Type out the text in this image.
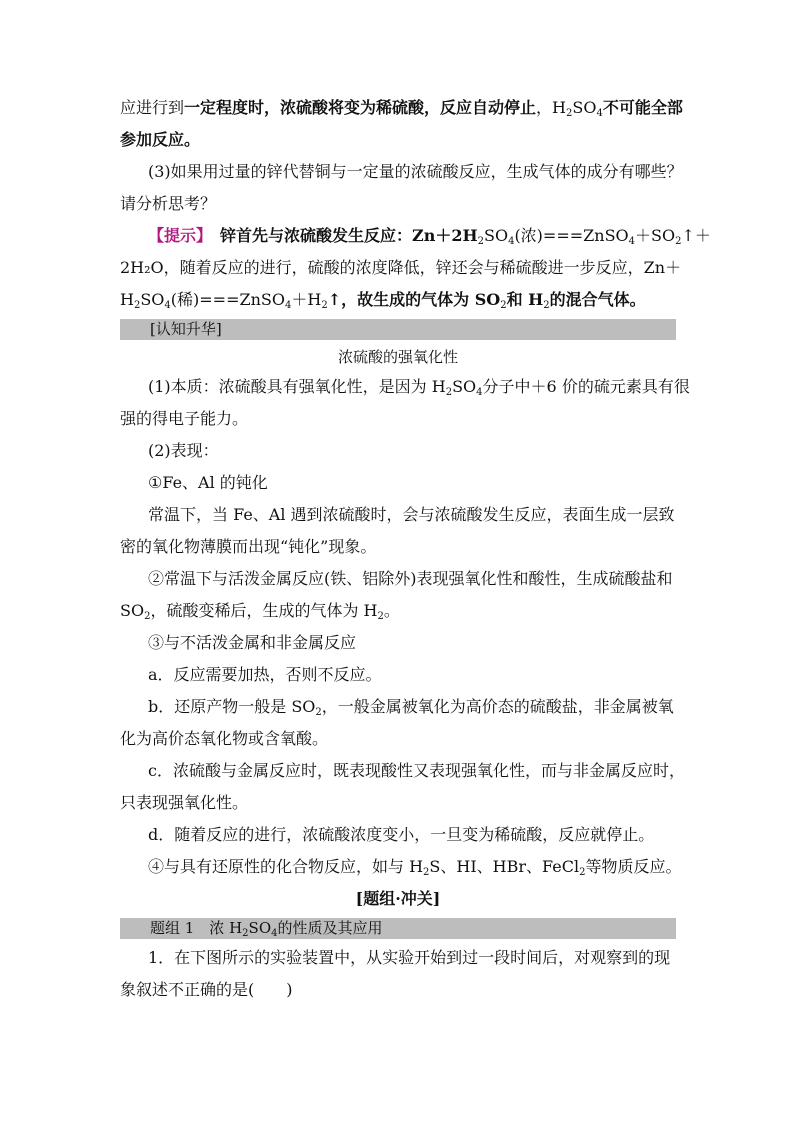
应进行到一定程度时，浓硫酸将变为稀硫酸，反应自动停止，$H_2SO_4$不可能全部
参加反应。
(3)如果用过量的锌代替铜与一定量的浓硫酸反应，生成气体的成分有哪些？
请分析思考？
【提示】　 锌首先与浓硫酸发生反应：$Zn+2H_2SO_4$(浓)$===ZnSO_4+SO_2↑+$
2H₂O，随着反应的进行，硫酸的浓度降低，锌还会与稀硫酸进一步反应，Zn＋
$H_2SO_4$(稀)$===ZnSO_4+H_2↑$，故生成的气体为 $SO_2$和 $H_2$的混合气体。
[认知升华]
浓硫酸的强氧化性
(1)本质：浓硫酸具有强氧化性，是因为 $H_2SO_4$分子中＋6 价的硫元素具有很
强的得电子能力。
(2)表现：
①Fe、Al 的钝化
常温下，当 Fe、Al 遇到浓硫酸时，会与浓硫酸发生反应，表面生成一层致
密的氧化物薄膜而出现“钝化”现象。
②常温下与活泼金属反应(铁、铝除外)表现强氧化性和酸性，生成硫酸盐和
$SO_2$，硫酸变稀后，生成的气体为 $H_2$。
③与不活泼金属和非金属反应
a．反应需要加热，否则不反应。
b．还原产物一般是 $SO_2$，一般金属被氧化为高价态的硫酸盐，非金属被氧
化为高价态氧化物或含氧酸。
c．浓硫酸与金属反应时，既表现酸性又表现强氧化性，而与非金属反应时，
只表现强氧化性。
d．随着反应的进行，浓硫酸浓度变小，一旦变为稀硫酸，反应就停止。
④与具有还原性的化合物反应，如与 $H_2S$、HI、HBr、FeCl$_2$等物质反应。
[题组·冲关]
题组 1　浓 $H_2SO_4$的性质及其应用
1．在下图所示的实验装置中，从实验开始到过一段时间后，对观察到的现
象叙述不正确的是(　　)
